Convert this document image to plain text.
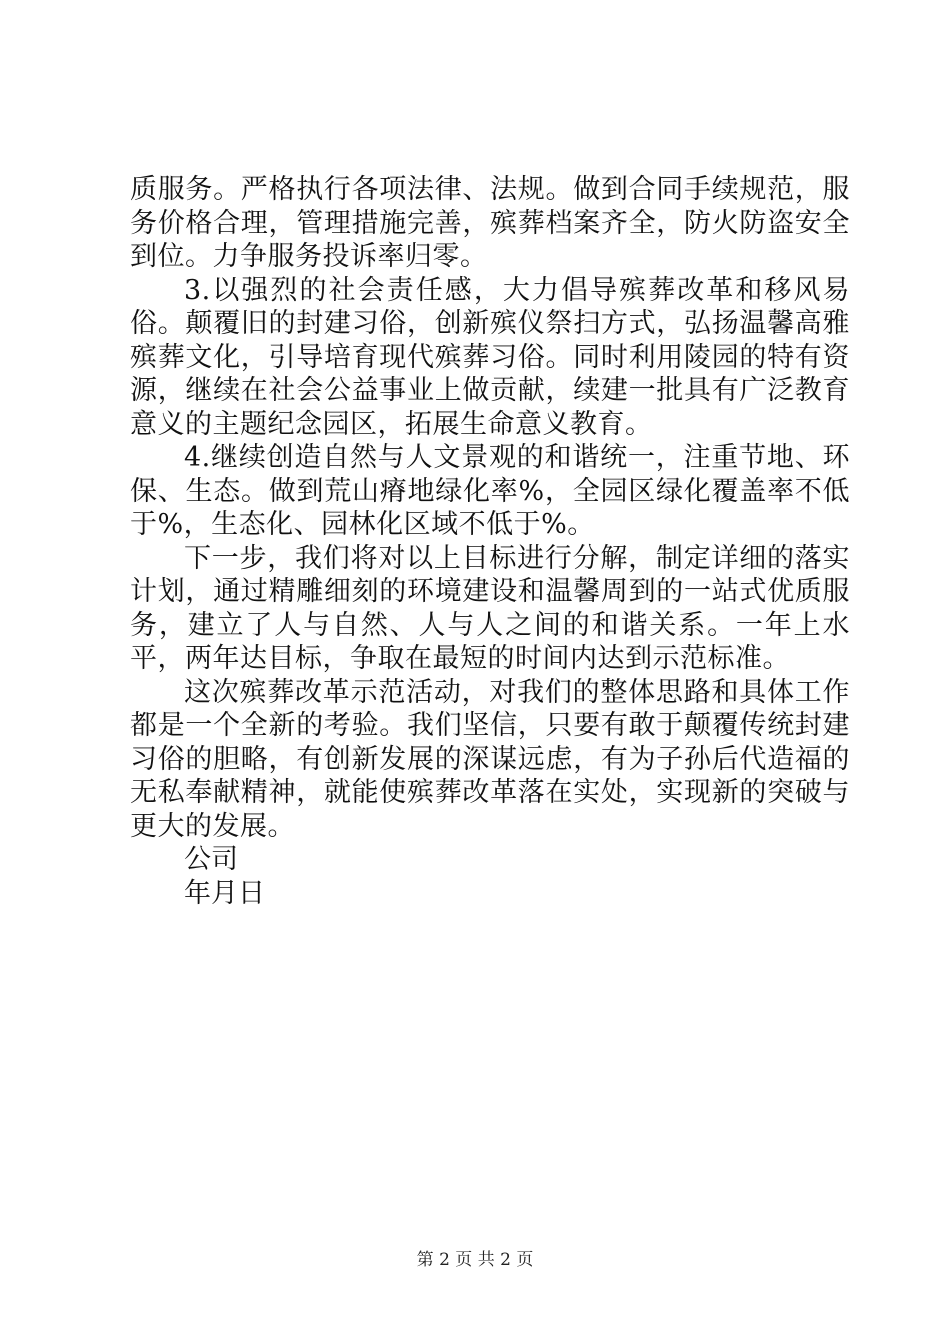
质服务。严格执行各项法律、法规。做到合同手续规范，服务价格合理，管理措施完善，殡葬档案齐全，防火防盗安全到位。力争服务投诉率归零。

3.以强烈的社会责任感，大力倡导殡葬改革和移风易俗。颠覆旧的封建习俗，创新殡仪祭扫方式，弘扬温馨高雅殡葬文化，引导培育现代殡葬习俗。同时利用陵园的特有资源，继续在社会公益事业上做贡献，续建一批具有广泛教育意义的主题纪念园区，拓展生命意义教育。

4.继续创造自然与人文景观的和谐统一，注重节地、环保、生态。做到荒山瘠地绿化率%，全园区绿化覆盖率不低于%，生态化、园林化区域不低于%。

下一步，我们将对以上目标进行分解，制定详细的落实计划，通过精雕细刻的环境建设和温馨周到的一站式优质服务，建立了人与自然、人与人之间的和谐关系。一年上水平，两年达目标，争取在最短的时间内达到示范标准。

这次殡葬改革示范活动，对我们的整体思路和具体工作都是一个全新的考验。我们坚信，只要有敢于颠覆传统封建习俗的胆略，有创新发展的深谋远虑，有为子孙后代造福的无私奉献精神，就能使殡葬改革落在实处，实现新的突破与更大的发展。

公司

年月日

第 2 页 共 2 页
